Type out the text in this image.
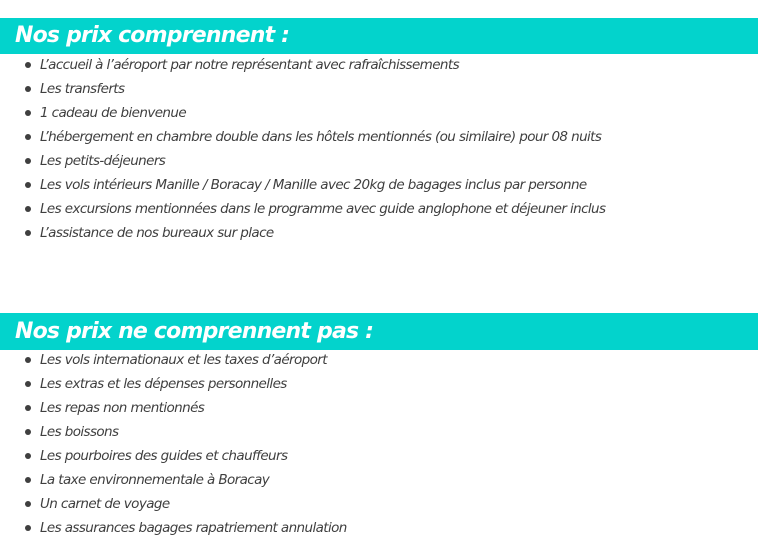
Nos prix comprennent :
L’accueil à l’aéroport par notre représentant avec rafraîchissements
Les transferts
1 cadeau de bienvenue
L’hébergement en chambre double dans les hôtels mentionnés (ou similaire) pour 08 nuits
Les petits-déjeuners
Les vols intérieurs Manille / Boracay / Manille avec 20kg de bagages inclus par personne
Les excursions mentionnées dans le programme avec guide anglophone et déjeuner inclus
L’assistance de nos bureaux sur place
Nos prix ne comprennent pas :
Les vols internationaux et les taxes d’aéroport
Les extras et les dépenses personnelles
Les repas non mentionnés
Les boissons
Les pourboires des guides et chauffeurs
La taxe environnementale à Boracay
Un carnet de voyage
Les assurances bagages rapatriement annulation
